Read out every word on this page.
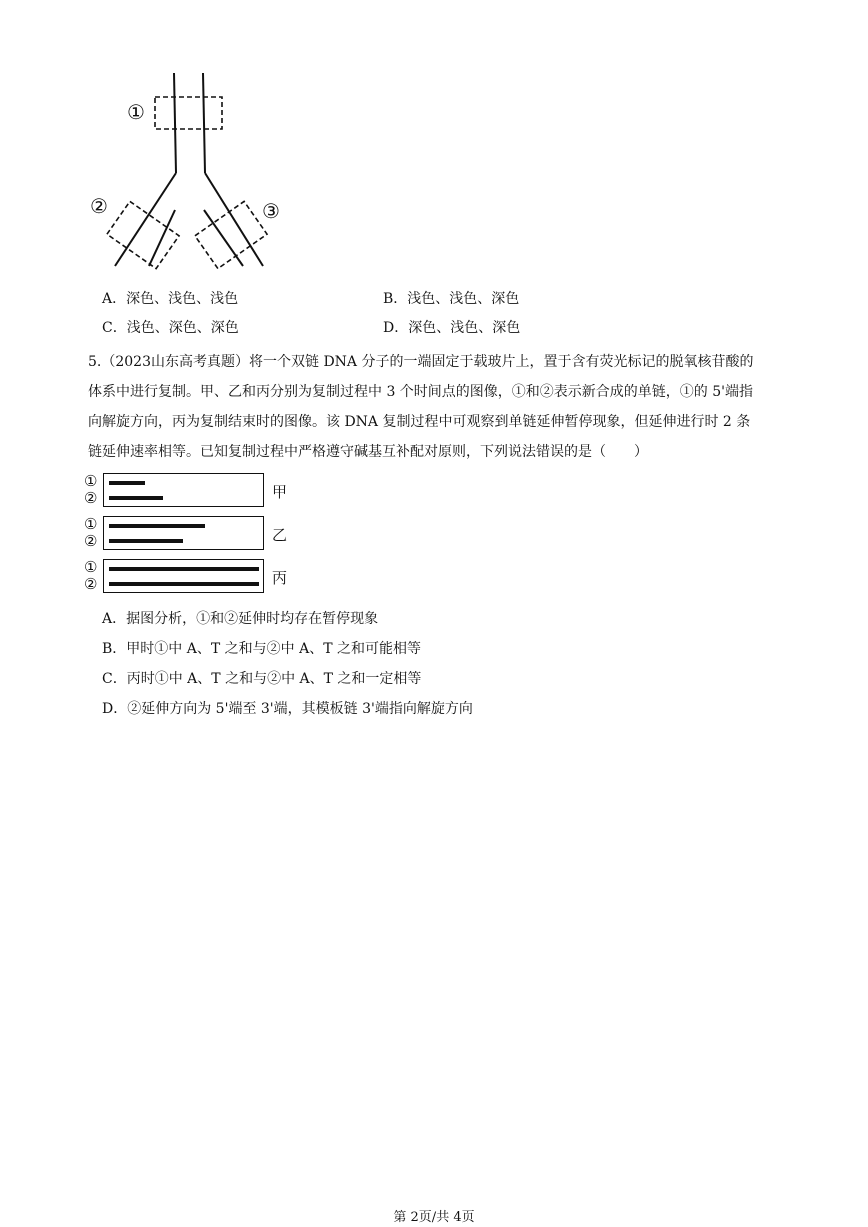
①
②	③
A．深色、浅色、浅色	B．浅色、浅色、深色
C．浅色、深色、深色	D．深色、浅色、深色
5.（2023山东高考真题）将一个双链 DNA 分子的一端固定于载玻片上，置于含有荧光标记的脱氧核苷酸的
体系中进行复制。甲、乙和丙分别为复制过程中 3 个时间点的图像，①和②表示新合成的单链，①的 5'端指
向解旋方向，丙为复制结束时的图像。该 DNA 复制过程中可观察到单链延伸暂停现象，但延伸进行时 2 条
链延伸速率相等。已知复制过程中严格遵守碱基互补配对原则，下列说法错误的是（　　）
①
②	甲
①
②	乙
①
②	丙
A．据图分析，①和②延伸时均存在暂停现象
B．甲时①中 A、T 之和与②中 A、T 之和可能相等
C．丙时①中 A、T 之和与②中 A、T 之和一定相等
D．②延伸方向为 5'端至 3'端，其模板链 3'端指向解旋方向
第 2页/共 4页
